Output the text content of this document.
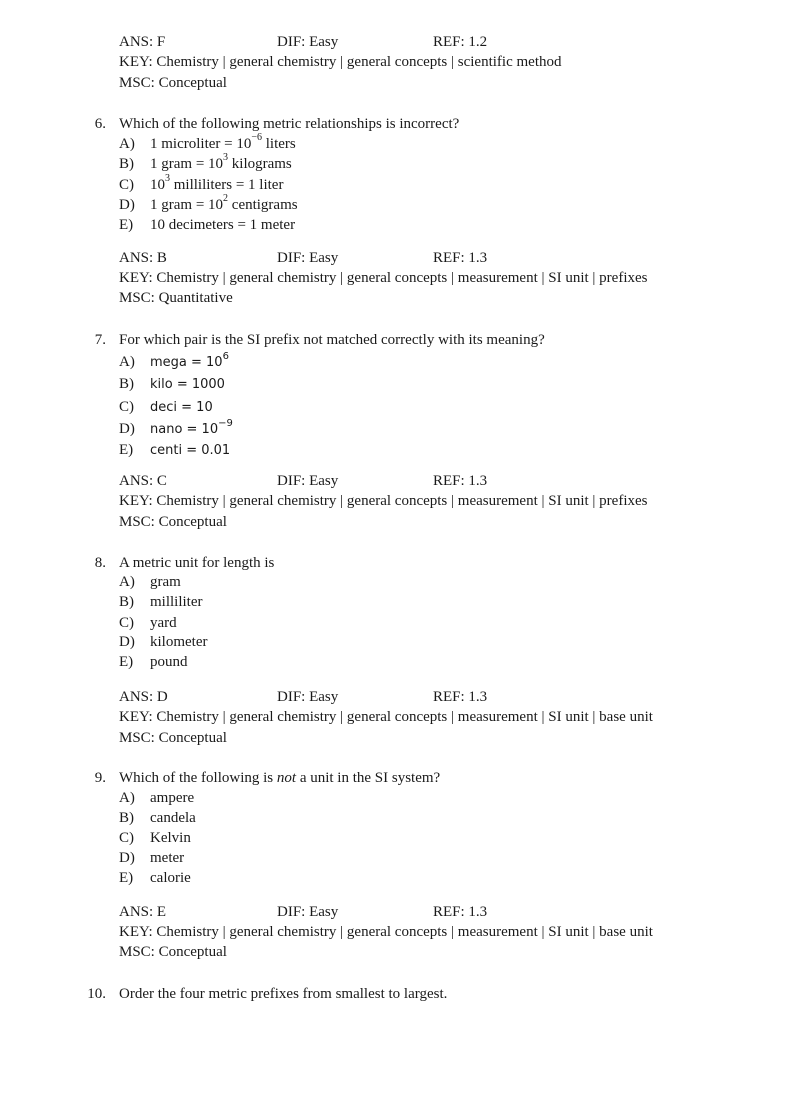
ANS: F	DIF: Easy	REF: 1.2
KEY: Chemistry | general chemistry | general concepts | scientific method
MSC: Conceptual
6. Which of the following metric relationships is incorrect?
A) 1 microliter = $10^{-6}$ liters
B) 1 gram = $10^3$ kilograms
C) $10^3$ milliliters = 1 liter
D) 1 gram = $10^2$ centigrams
E) 10 decimeters = 1 meter
ANS: B	DIF: Easy	REF: 1.3
KEY: Chemistry | general chemistry | general concepts | measurement | SI unit | prefixes
MSC: Quantitative
7. For which pair is the SI prefix not matched correctly with its meaning?
A) mega = $10^6$
B) kilo = 1000
C) deci = 10
D) nano = $10^{-9}$
E) centi = 0.01
ANS: C	DIF: Easy	REF: 1.3
KEY: Chemistry | general chemistry | general concepts | measurement | SI unit | prefixes
MSC: Conceptual
8. A metric unit for length is
A) gram
B) milliliter
C) yard
D) kilometer
E) pound
ANS: D	DIF: Easy	REF: 1.3
KEY: Chemistry | general chemistry | general concepts | measurement | SI unit | base unit
MSC: Conceptual
9. Which of the following is not a unit in the SI system?
A) ampere
B) candela
C) Kelvin
D) meter
E) calorie
ANS: E	DIF: Easy	REF: 1.3
KEY: Chemistry | general chemistry | general concepts | measurement | SI unit | base unit
MSC: Conceptual
10. Order the four metric prefixes from smallest to largest.
